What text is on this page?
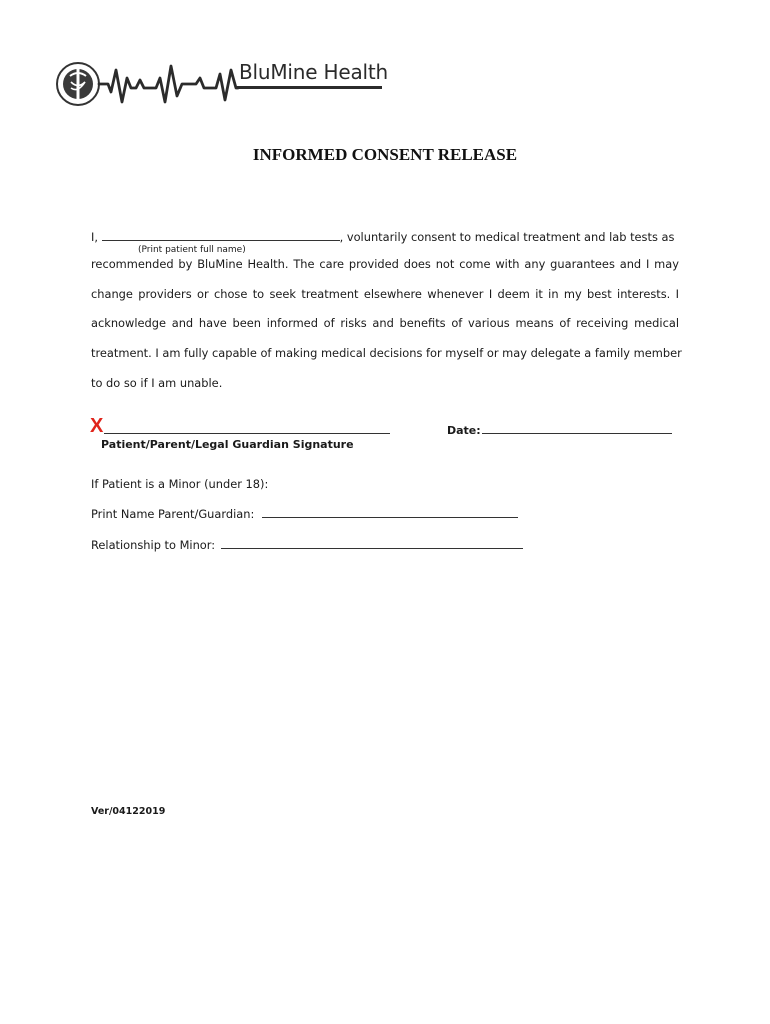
BluMine Health
INFORMED CONSENT RELEASE
I,	, voluntarily consent to medical treatment and lab tests as
(Print patient full name)
recommended by BluMine Health. The care provided does not come with any guarantees and I may
change providers or chose to seek treatment elsewhere whenever I deem it in my best interests. I
acknowledge and have been informed of risks and benefits of various means of receiving medical
treatment. I am fully capable of making medical decisions for myself or may delegate a family member
to do so if I am unable.
X
Patient/Parent/Legal Guardian Signature
Date:
If Patient is a Minor (under 18):
Print Name Parent/Guardian:
Relationship to Minor:
Ver/04122019
